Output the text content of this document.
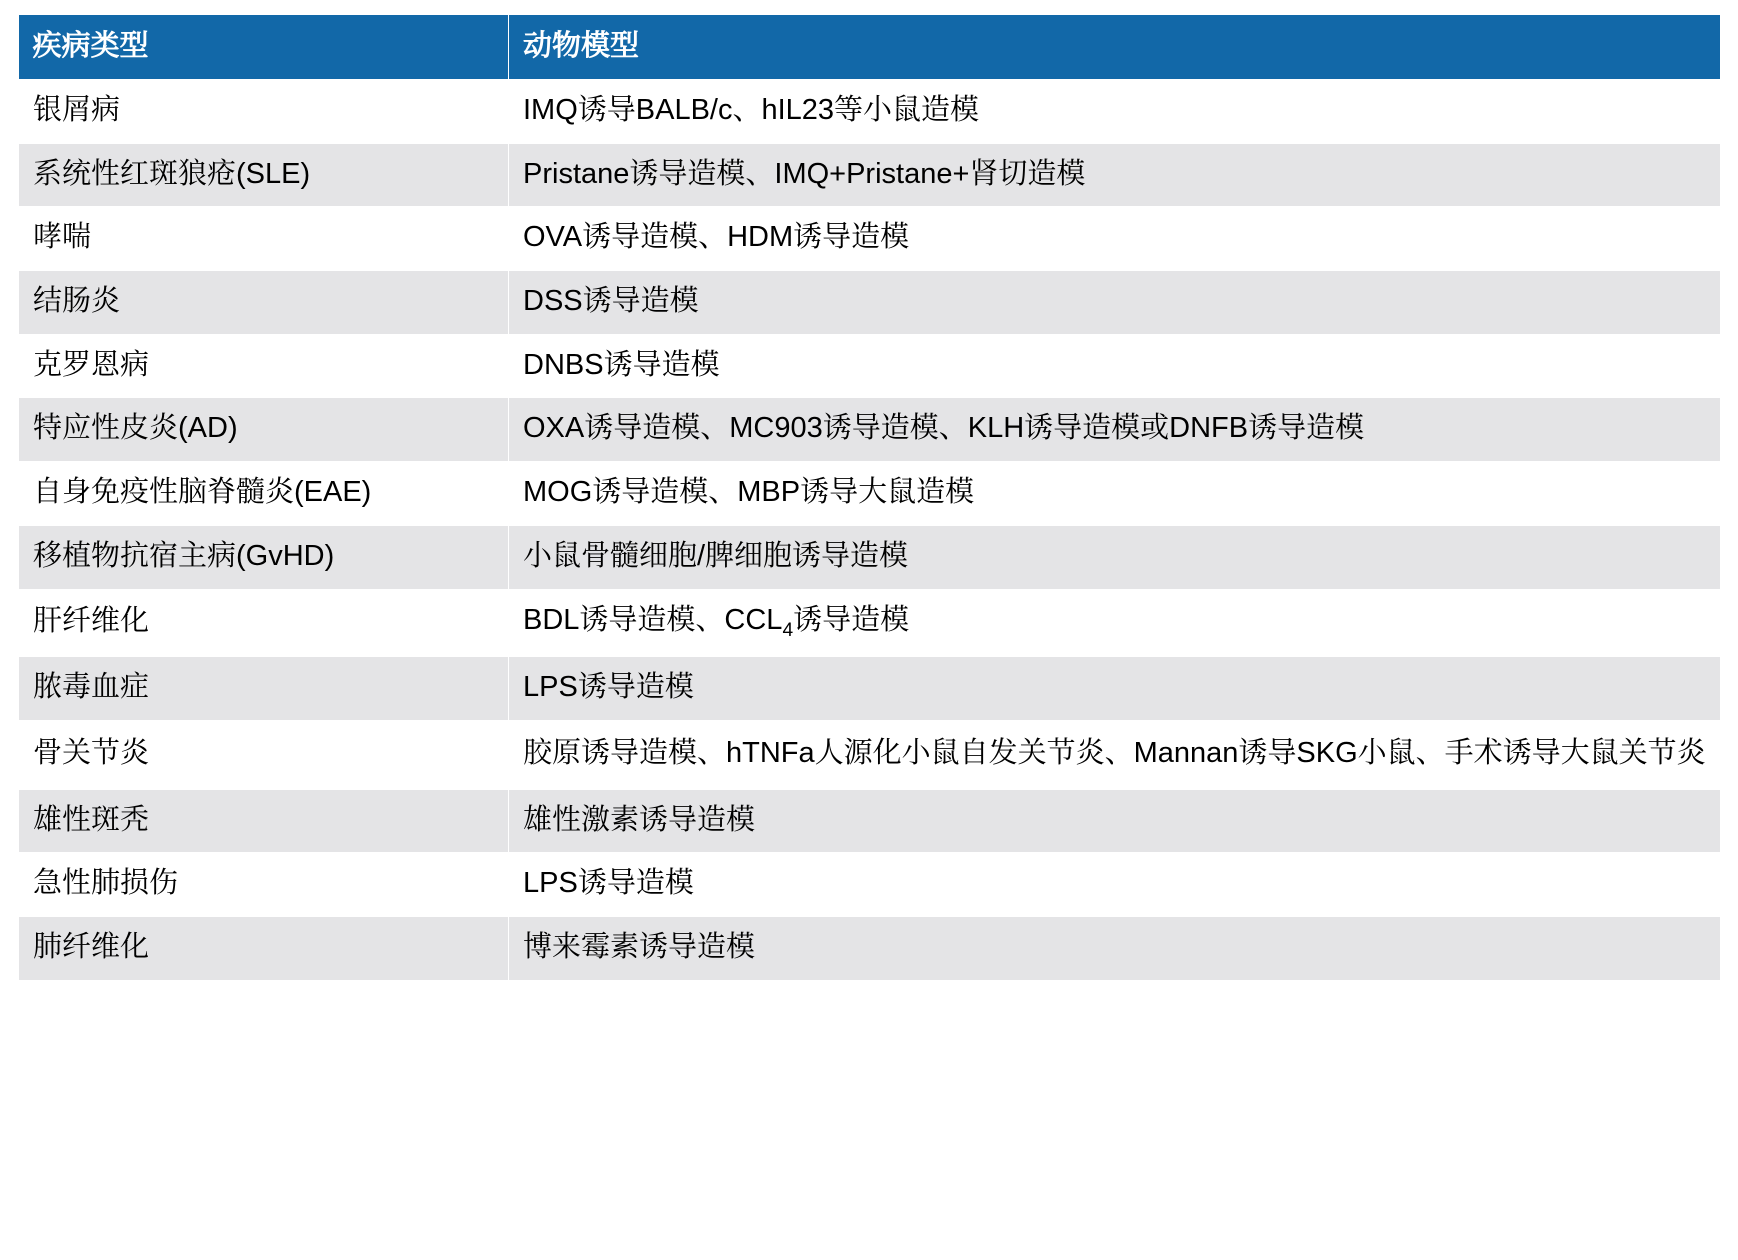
疾病类型	动物模型
银屑病	IMQ诱导BALB/c、hIL23等小鼠造模
系统性红斑狼疮(SLE)	Pristane诱导造模、IMQ+Pristane+肾切造模
哮喘	OVA诱导造模、HDM诱导造模
结肠炎	DSS诱导造模
克罗恩病	DNBS诱导造模
特应性皮炎(AD)	OXA诱导造模、MC903诱导造模、KLH诱导造模或DNFB诱导造模
自身免疫性脑脊髓炎(EAE)	MOG诱导造模、MBP诱导大鼠造模
移植物抗宿主病(GvHD)	小鼠骨髓细胞/脾细胞诱导造模
肝纤维化	BDL诱导造模、$CCL_4$诱导造模
脓毒血症	LPS诱导造模
骨关节炎	胶原诱导造模、hTNFa人源化小鼠自发关节炎、Mannan诱导SKG小鼠、手术诱导大鼠关节炎
雄性斑秃	雄性激素诱导造模
急性肺损伤	LPS诱导造模
肺纤维化	博来霉素诱导造模
